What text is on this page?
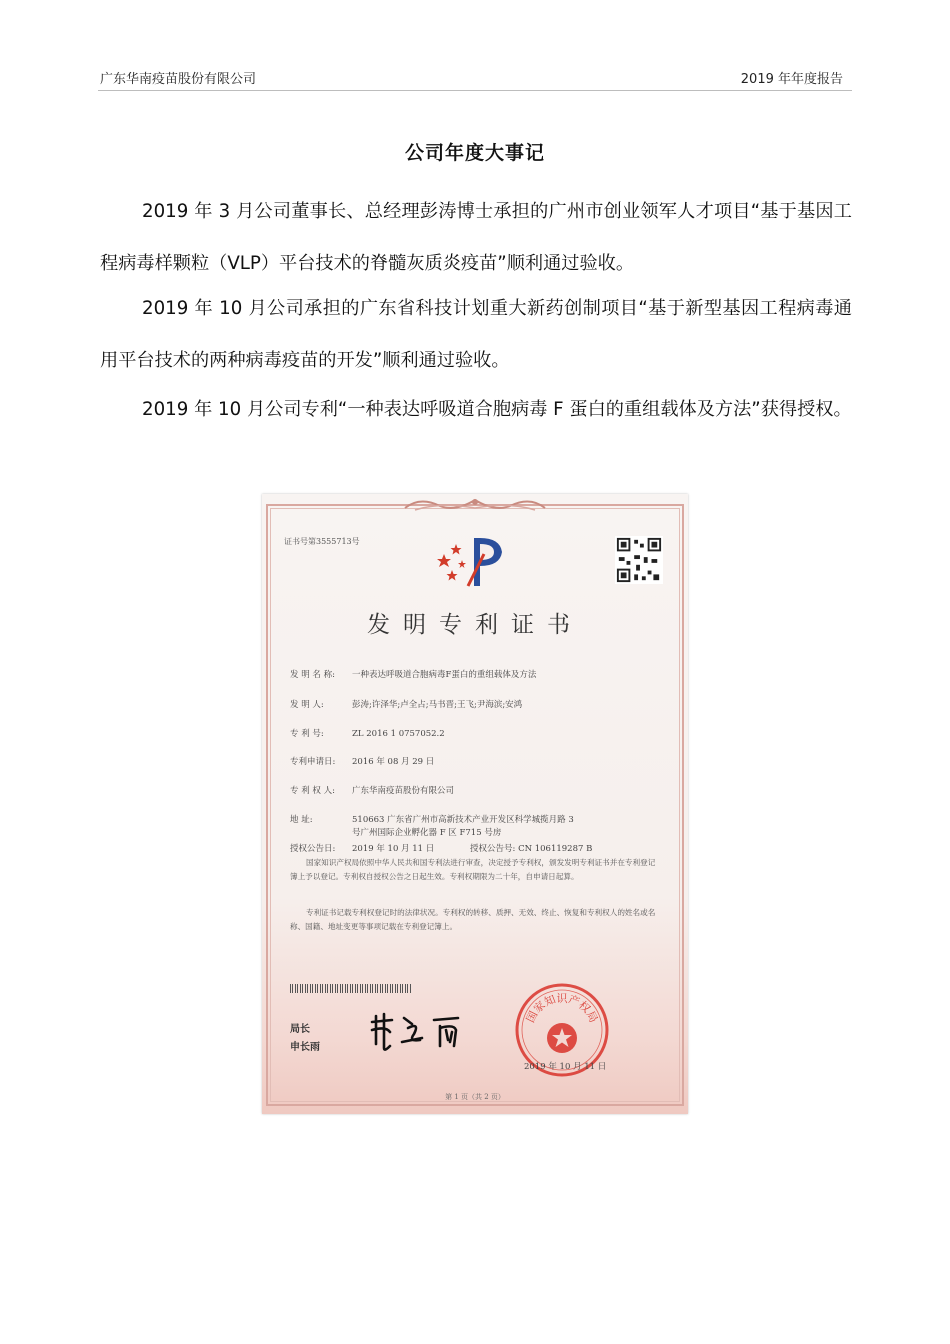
广东华南疫苗股份有限公司	2019 年年度报告
公司年度大事记
2019 年 3 月公司董事长、总经理彭涛博士承担的广州市创业领军人才项目“基于基因工程病毒样颗粒（VLP）平台技术的脊髓灰质炎疫苗”顺利通过验收。
2019 年 10 月公司承担的广东省科技计划重大新药创制项目“基于新型基因工程病毒通用平台技术的两种病毒疫苗的开发”顺利通过验收。
2019 年 10 月公司专利“一种表达呼吸道合胞病毒 F 蛋白的重组载体及方法”获得授权。
证书号第3555713号
发明专利证书
发 明 名 称: 一种表达呼吸道合胞病毒F蛋白的重组载体及方法
发 明 人:	彭涛;许泽华;卢全占;马书晋;王飞;尹海滨;安鸿
专 利 号:	ZL 2016 1 0757052.2
专利申请日: 2016 年 08 月 29 日
专 利 权 人: 广东华南疫苗股份有限公司
地 址:	510663 广东省广州市高新技术产业开发区科学城揽月路 3
号广州国际企业孵化器 F 区 F715 号房
授权公告日: 2019 年 10 月 11 日	授权公告号: CN 106119287 B
国家知识产权局依照中华人民共和国专利法进行审查，决定授予专利权，颁发发明专利证书并在专利登记簿上予以登记。专利权自授权公告之日起生效。专利权期限为二十年，自申请日起算。
专利证书记载专利权登记时的法律状况。专利权的转移、质押、无效、终止、恢复和专利权人的姓名或名称、国籍、地址变更等事项记载在专利登记簿上。
局长
申长雨
国家知识产权局
2019 年 10 月 11 日
第 1 页（共 2 页）
